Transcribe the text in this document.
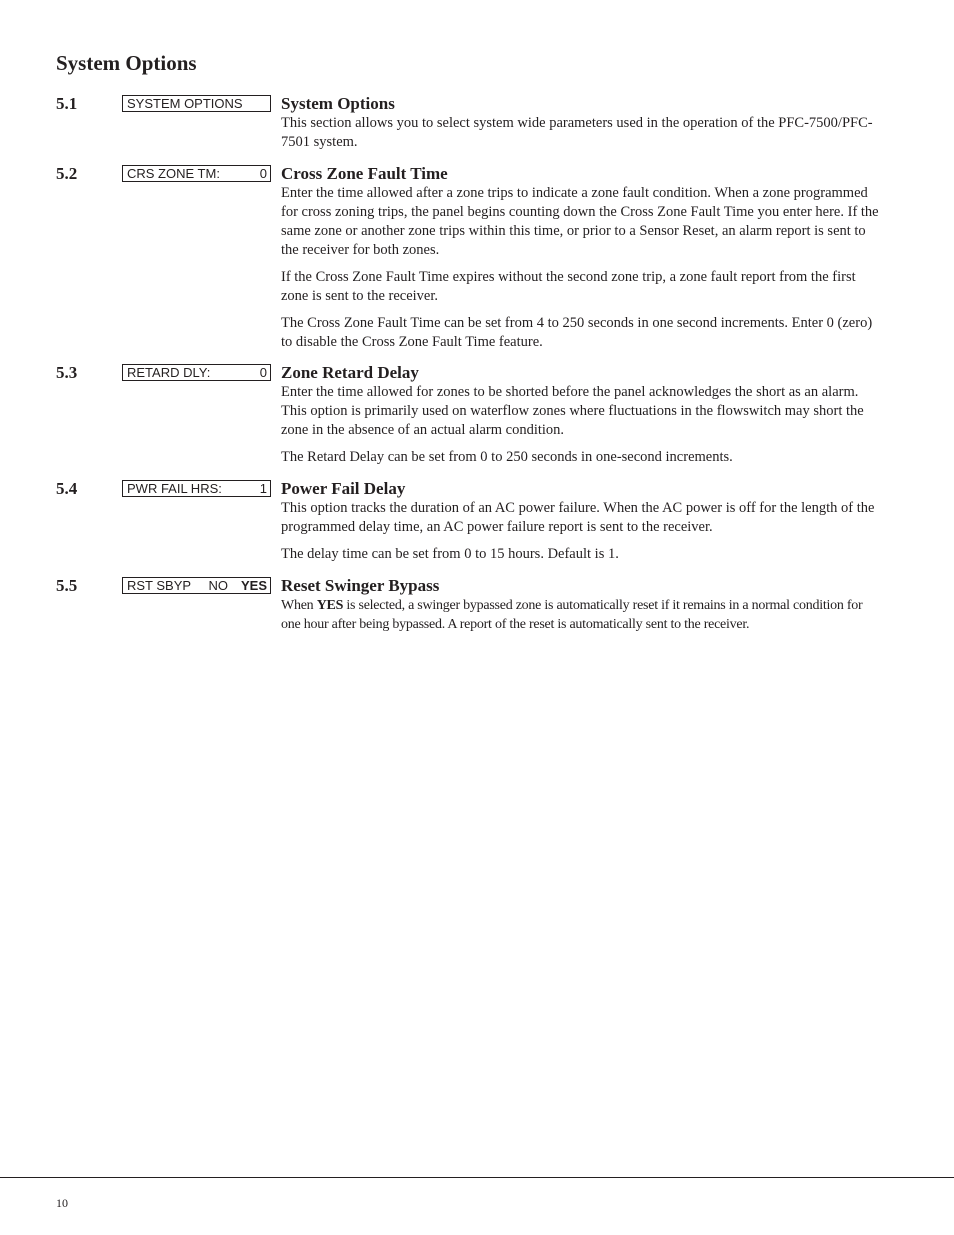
System Options
5.1	SYSTEM OPTIONS System Options

This section allows you to select system wide parameters used in the operation of the PFC-7500/PFC-7501 system.

5.2	CRS ZONE TM:	0 Cross Zone Fault Time

Enter the time allowed after a zone trips to indicate a zone fault condition. When a zone programmed for cross zoning trips, the panel begins counting down the Cross Zone Fault Time you enter here. If the same zone or another zone trips within this time, or prior to a Sensor Reset, an alarm report is sent to the receiver for both zones.

If the Cross Zone Fault Time expires without the second zone trip, a zone fault report from the first zone is sent to the receiver.

The Cross Zone Fault Time can be set from 4 to 250 seconds in one second increments. Enter 0 (zero) to disable the Cross Zone Fault Time feature.

5.3	RETARD DLY:	0 Zone Retard Delay

Enter the time allowed for zones to be shorted before the panel acknowledges the short as an alarm. This option is primarily used on waterflow zones where fluctuations in the flowswitch may short the zone in the absence of an actual alarm condition.

The Retard Delay can be set from 0 to 250 seconds in one-second increments.

5.4	PWR FAIL HRS:	1 Power Fail Delay

This option tracks the duration of an AC power failure. When the AC power is off for the length of the programmed delay time, an AC power failure report is sent to the receiver.

The delay time can be set from 0 to 15 hours. Default is 1.

5.5	RST SBYP	NO YES Reset Swinger Bypass

When YES is selected, a swinger bypassed zone is automatically reset if it remains in a normal condition for one hour after being bypassed. A report of the reset is automatically sent to the receiver.

10
